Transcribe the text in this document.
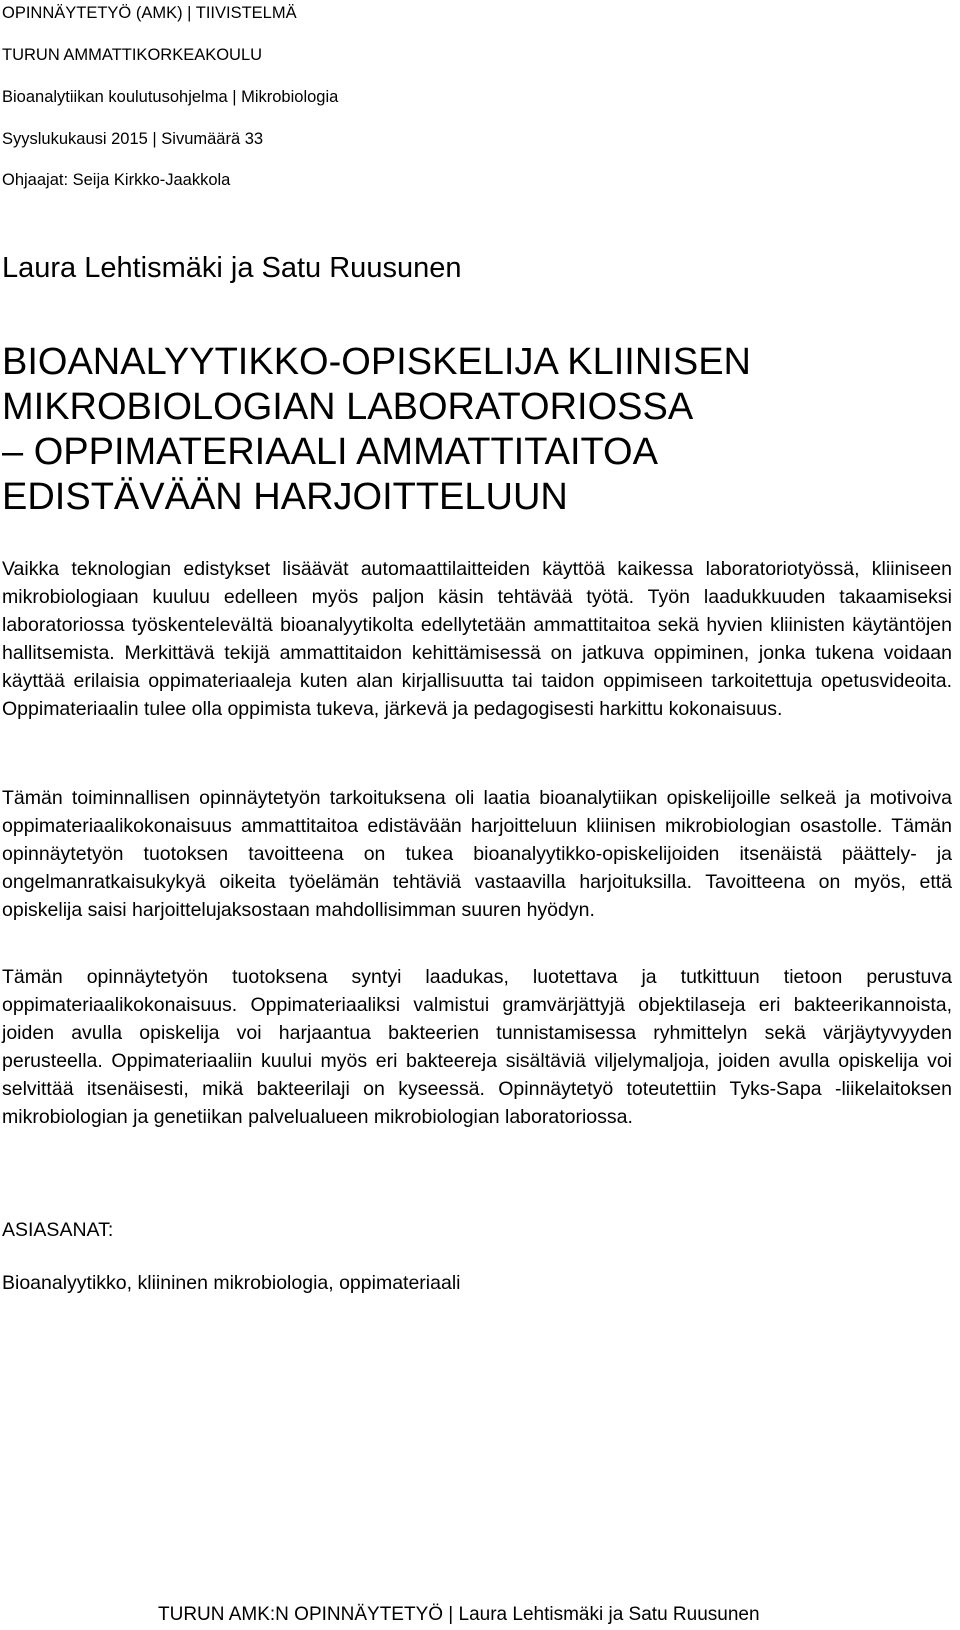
OPINNÄYTETYÖ (AMK) | TIIVISTELMÄ
TURUN AMMATTIKORKEAKOULU
Bioanalytiikan koulutusohjelma | Mikrobiologia
Syyslukukausi 2015 | Sivumäärä 33
Ohjaajat: Seija Kirkko-Jaakkola
Laura Lehtismäki ja Satu Ruusunen
BIOANALYYTIKKO-OPISKELIJA KLIINISEN
MIKROBIOLOGIAN LABORATORIOSSA
– OPPIMATERIAALI AMMATTITAITOA
EDISTÄVÄÄN HARJOITTELUUN

Vaikka teknologian edistykset lisäävät automaattilaitteiden käyttöä kaikessa laboratoriotyössä, kliiniseen mikrobiologiaan kuuluu edelleen myös paljon käsin tehtävää työtä. Työn laadukkuuden takaamiseksi laboratoriossa työskenteleväItä bioanalyytikolta edellytetään ammattitaitoa sekä hyvien kliinisten käytäntöjen hallitsemista. Merkittävä tekijä ammattitaidon kehittämisessä on jatkuva oppiminen, jonka tukena voidaan käyttää erilaisia oppimateriaaleja kuten alan kirjallisuutta tai taidon oppimiseen tarkoitettuja opetusvideoita. Oppimateriaalin tulee olla oppimista tukeva, järkevä ja pedagogisesti harkittu kokonaisuus.

Tämän toiminnallisen opinnäytetyön tarkoituksena oli laatia bioanalytiikan opiskelijoille selkeä ja motivoiva oppimateriaalikokonaisuus ammattitaitoa edistävään harjoitteluun kliinisen mikrobiologian osastolle. Tämän opinnäytetyön tuotoksen tavoitteena on tukea bioanalyytikko-opiskelijoiden itsenäistä päättely- ja ongelmanratkaisukykyä oikeita työelämän tehtäviä vastaavilla harjoituksilla. Tavoitteena on myös, että opiskelija saisi harjoittelujaksostaan mahdollisimman suuren hyödyn.

Tämän opinnäytetyön tuotoksena syntyi laadukas, luotettava ja tutkittuun tietoon perustuva oppimateriaalikokonaisuus. Oppimateriaaliksi valmistui gramvärjättyjä objektilaseja eri bakteerikannoista, joiden avulla opiskelija voi harjaantua bakteerien tunnistamisessa ryhmittelyn sekä värjäytyvyyden perusteella. Oppimateriaaliin kuului myös eri bakteereja sisältäviä viljelymaljoja, joiden avulla opiskelija voi selvittää itsenäisesti, mikä bakteerilaji on kyseessä. Opinnäytetyö toteutettiin Tyks-Sapa -liikelaitoksen mikrobiologian ja genetiikan palvelualueen mikrobiologian laboratoriossa.

ASIASANAT:
Bioanalyytikko, kliininen mikrobiologia, oppimateriaali
TURUN AMK:N OPINNÄYTETYÖ | Laura Lehtismäki ja Satu Ruusunen
